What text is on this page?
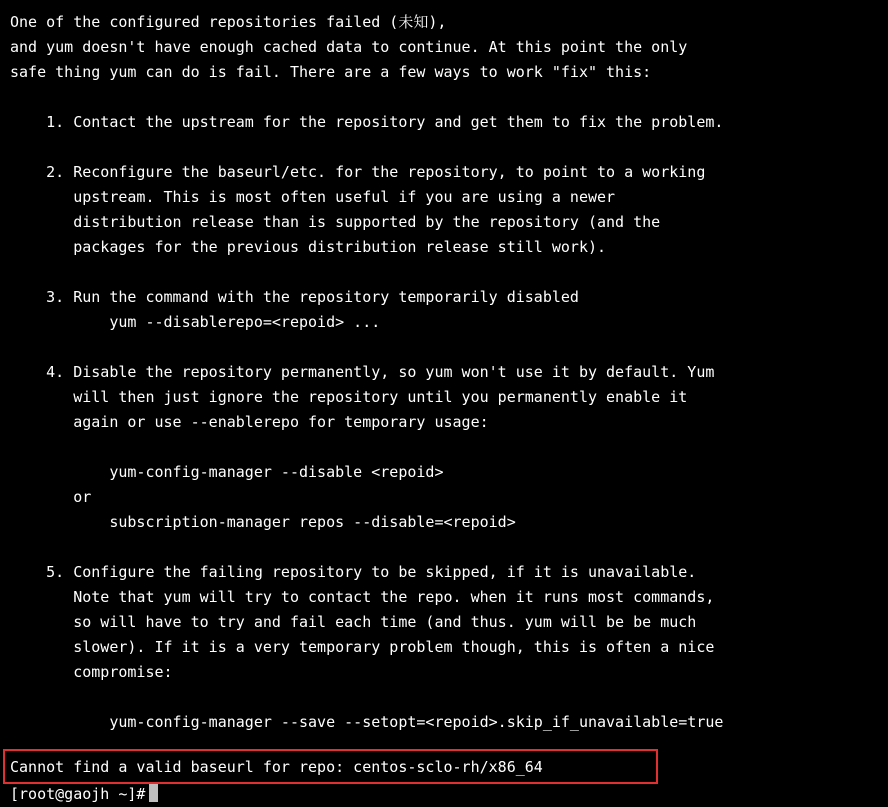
One of the configured repositories failed (未知),
and yum doesn't have enough cached data to continue. At this point the only
safe thing yum can do is fail. There are a few ways to work "fix" this:
1. Contact the upstream for the repository and get them to fix the problem.
2. Reconfigure the baseurl/etc. for the repository, to point to a working
upstream. This is most often useful if you are using a newer
distribution release than is supported by the repository (and the
packages for the previous distribution release still work).
3. Run the command with the repository temporarily disabled
yum --disablerepo=<repoid> ...
4. Disable the repository permanently, so yum won't use it by default. Yum
will then just ignore the repository until you permanently enable it
again or use --enablerepo for temporary usage:
yum-config-manager --disable <repoid>
or
subscription-manager repos --disable=<repoid>
5. Configure the failing repository to be skipped, if it is unavailable.
Note that yum will try to contact the repo. when it runs most commands,
so will have to try and fail each time (and thus. yum will be be much
slower). If it is a very temporary problem though, this is often a nice
compromise:
yum-config-manager --save --setopt=<repoid>.skip_if_unavailable=true
Cannot find a valid baseurl for repo: centos-sclo-rh/x86_64
[root@gaojh ~]#
